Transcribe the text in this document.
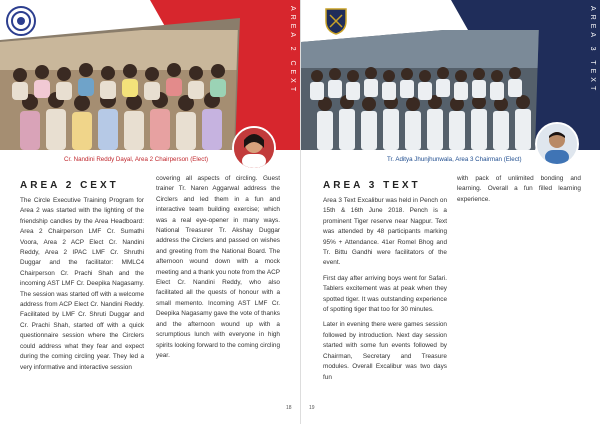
AREA 2 CEXT
Cr. Nandini Reddy Dayal, Area 2 Chairperson (Elect)
AREA 2 CEXT
The Circle Executive Training Program for Area 2 was started with the lighting of the friendship candles by the Area Headboard: Area 2 Chairperson LMF Cr. Sumathi Voora, Area 2 ACP Elect Cr. Nandini Reddy, Area 2 IPAC LMF Cr. Shruthi Duggar and the facilitator: MMLC4 Chairperson Cr. Prachi Shah and the incoming AST LMF Cr. Deepika Nagasamy. The session was started off with a welcome address from ACP Elect Cr. Nandini Reddy. Facilitated by LMF Cr. Shruti Duggar and Cr. Prachi Shah, started off with a quick questionnaire session where the Circlers could address what they fear and expect during the coming circling year. They led a very informative and interactive session
covering all aspects of circling. Guest trainer Tr. Naren Aggarwal address the Circlers and led them in a fun and interactive team building exercise; which was a real eye-opener in many ways. National Treasurer Tr. Akshay Duggar address the Circlers and passed on wishes and greeting from the National Board. The afternoon wound down with a mock meeting and a thank you note from the ACP Elect Cr. Nandini Reddy, who also facilitated all the quests of honour with a small memento. Incoming AST LMF Cr. Deepika Nagasamy gave the vote of thanks and the afternoon wound up with a scrumptious lunch with everyone in high spirits looking forward to the coming circling year.
18
AREA 3 TEXT
Tr. Aditya Jhunjhunwala, Area 3 Chairman (Elect)
AREA 3 TEXT

Area 3 Text Excalibur was held in Pench on 15th & 16th June 2018. Pench is a prominent Tiger reserve near Nagpur. Text was attended by 48 participants marking 95% + Attendance. 41er Romel Bhog and Tr. Bittu Gandhi were facilitators of the event.

First day after arriving boys went for Safari. Tablers excitement was at peak when they spotted tiger. It was outstanding experience of spotting tiger that too for 30 minutes.

Later in evening there were games session followed by introduction. Next day session started with some fun events followed by Chairman, Secretary and Treasure modules. Overall Excalibur was two days fun

with pack of unlimited bonding and learning. Overall a fun filled learning experience.
19
